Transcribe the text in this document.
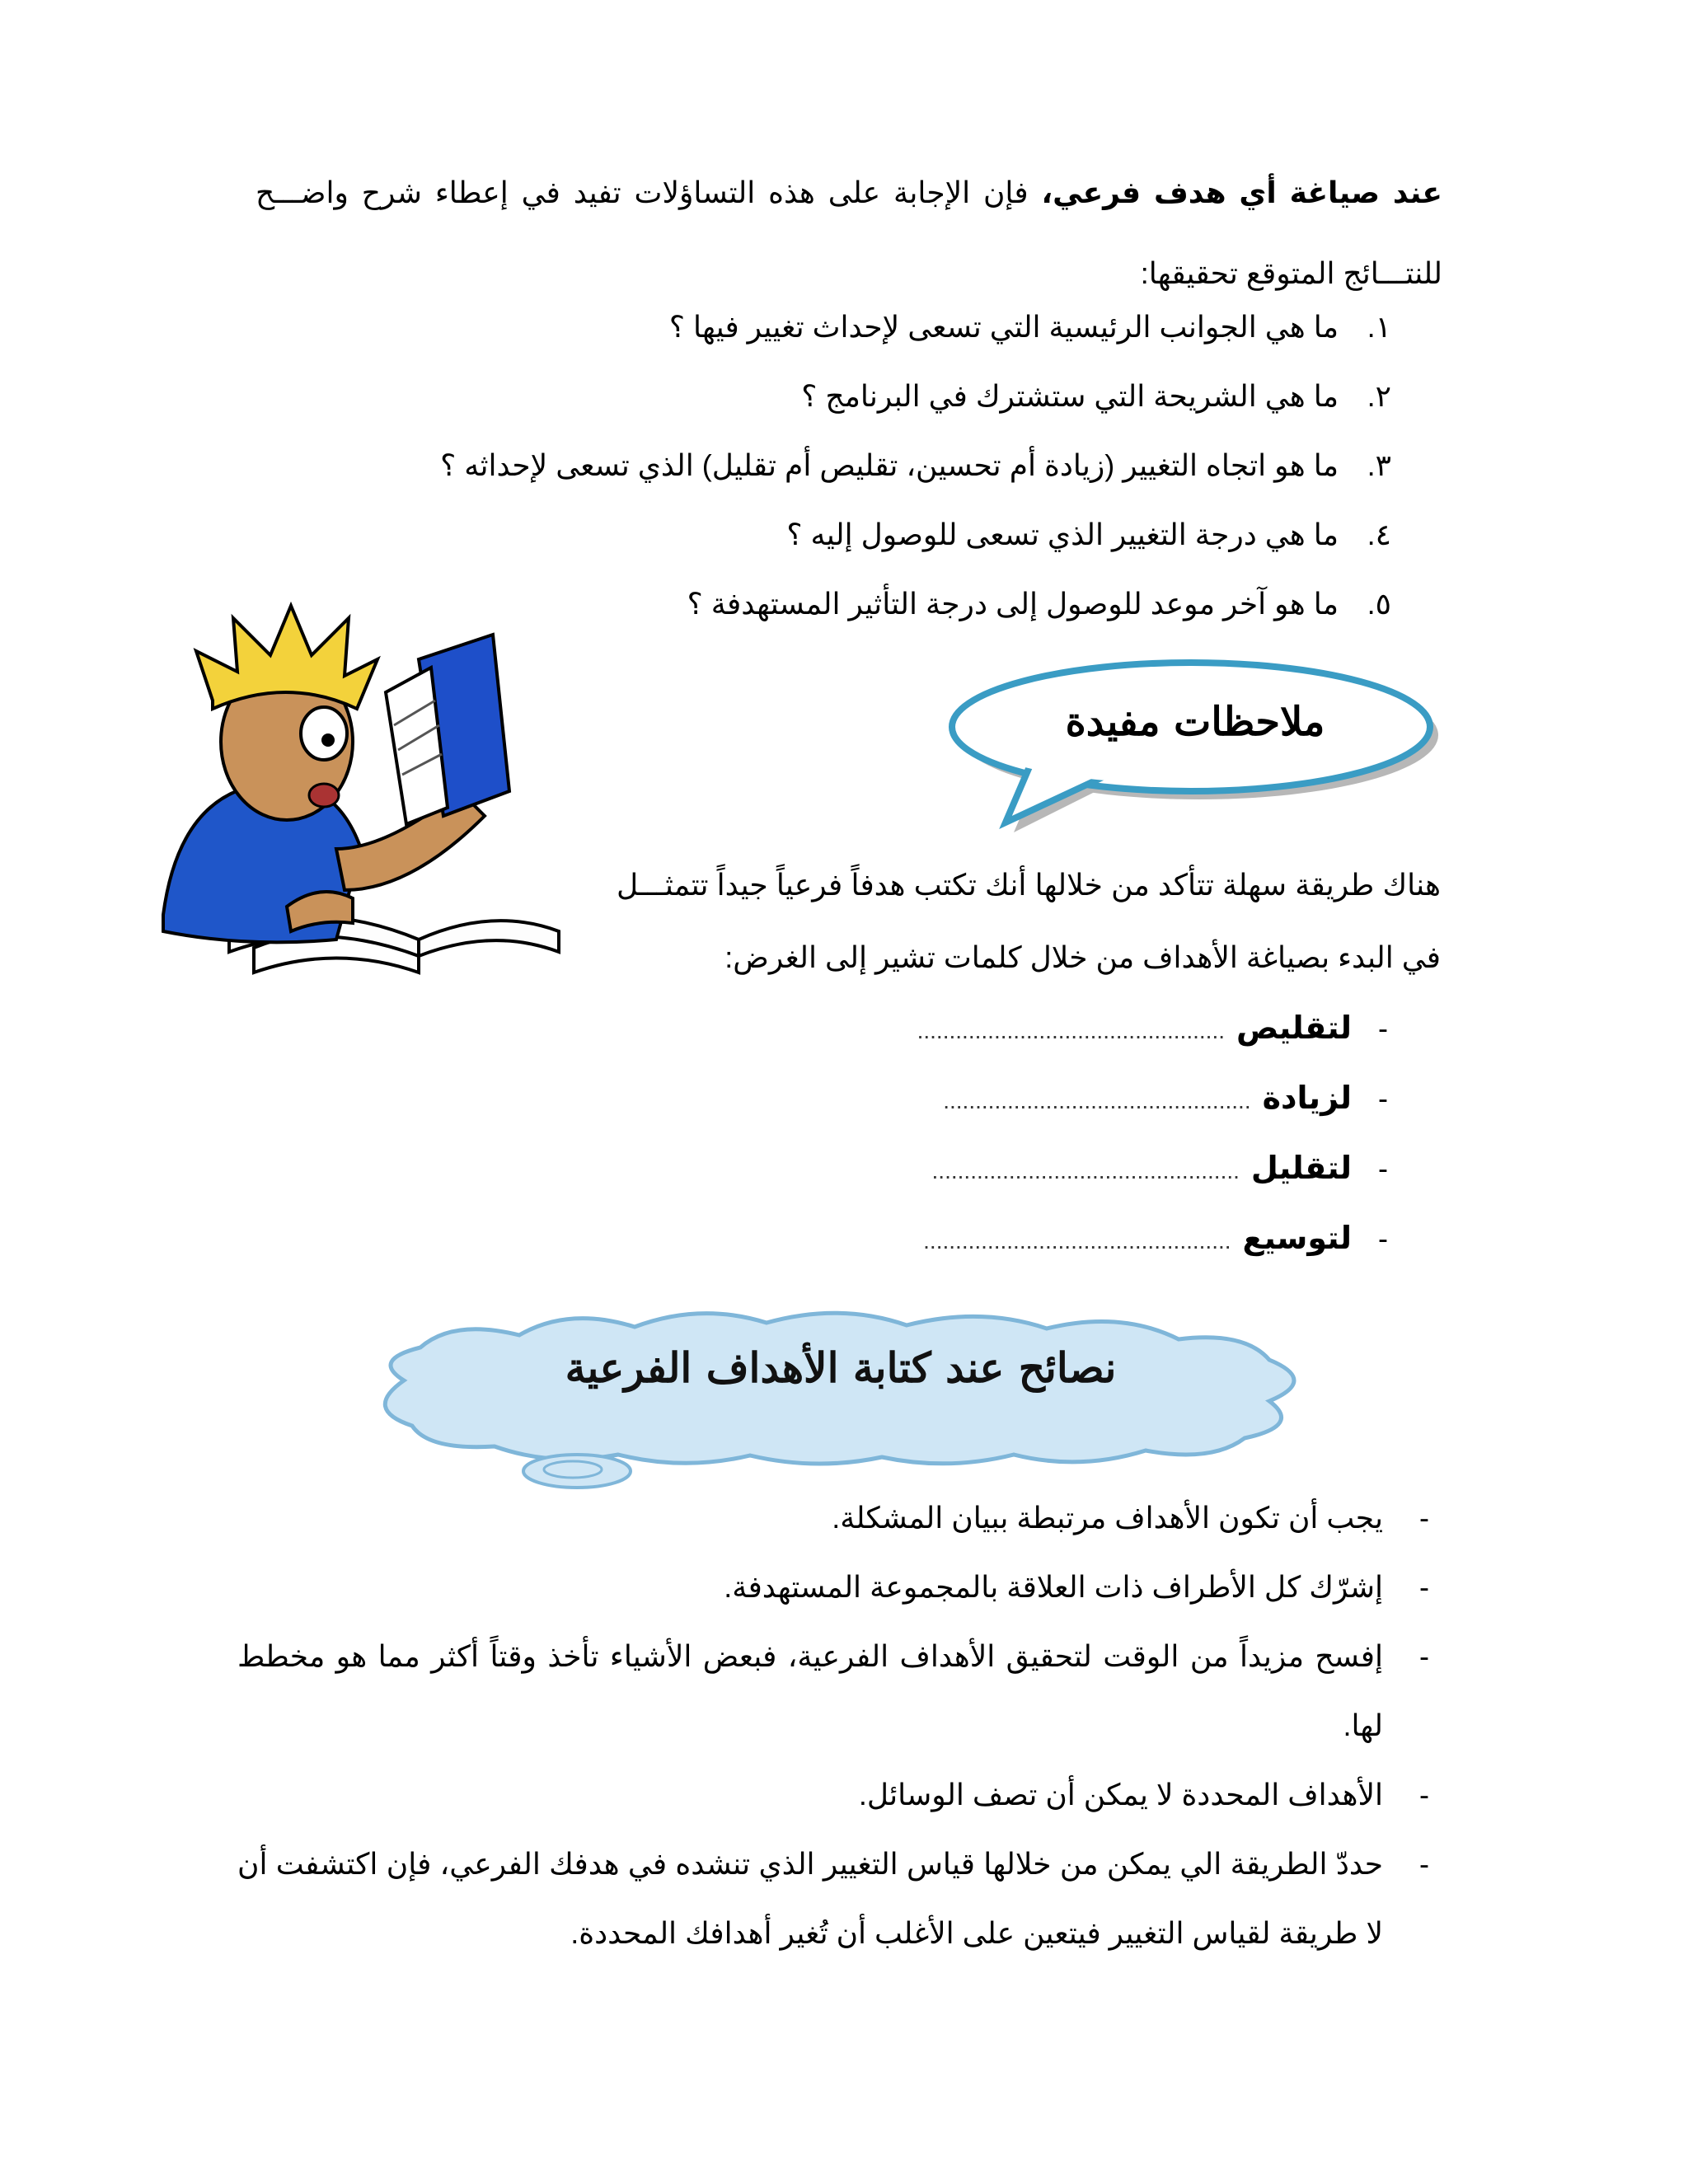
عند صياغة أي هدف فرعي، فإن الإجابة على هذه التساؤلات تفيد في إعطاء شرح واضـــح للنتـــائج المتوقع تحقيقها:
١. ما هي الجوانب الرئيسية التي تسعى لإحداث تغيير فيها ؟
٢. ما هي الشريحة التي ستشترك في البرنامج ؟
٣. ما هو اتجاه التغيير (زيادة أم تحسين، تقليص أم تقليل) الذي تسعى لإحداثه ؟
٤. ما هي درجة التغيير الذي تسعى للوصول إليه ؟
٥. ما هو آخر موعد للوصول إلى درجة التأثير المستهدفة ؟
ملاحظات مفيدة
هناك طريقة سهلة تتأكد من خلالها أنك تكتب هدفاً فرعياً جيداً تتمثـــل في البدء بصياغة الأهداف من خلال كلمات تشير إلى الغرض:
-لتقليص................................................
-لزيادة................................................
-لتقليل................................................
-لتوسيع................................................
نصائح عند كتابة الأهداف الفرعية
-
يجب أن تكون الأهداف مرتبطة ببيان المشكلة.
-
إشرّك كل الأطراف ذات العلاقة بالمجموعة المستهدفة.
-
إفسح مزيداً من الوقت لتحقيق الأهداف الفرعية، فبعض الأشياء تأخذ وقتاً أكثر مما هو مخطط لها.
-
الأهداف المحددة لا يمكن أن تصف الوسائل.
-
حددّ الطريقة الي يمكن من خلالها قياس التغيير الذي تنشده في هدفك الفرعي، فإن اكتشفت أن لا طريقة لقياس التغيير فيتعين على الأغلب أن تُغير أهدافك المحددة.
